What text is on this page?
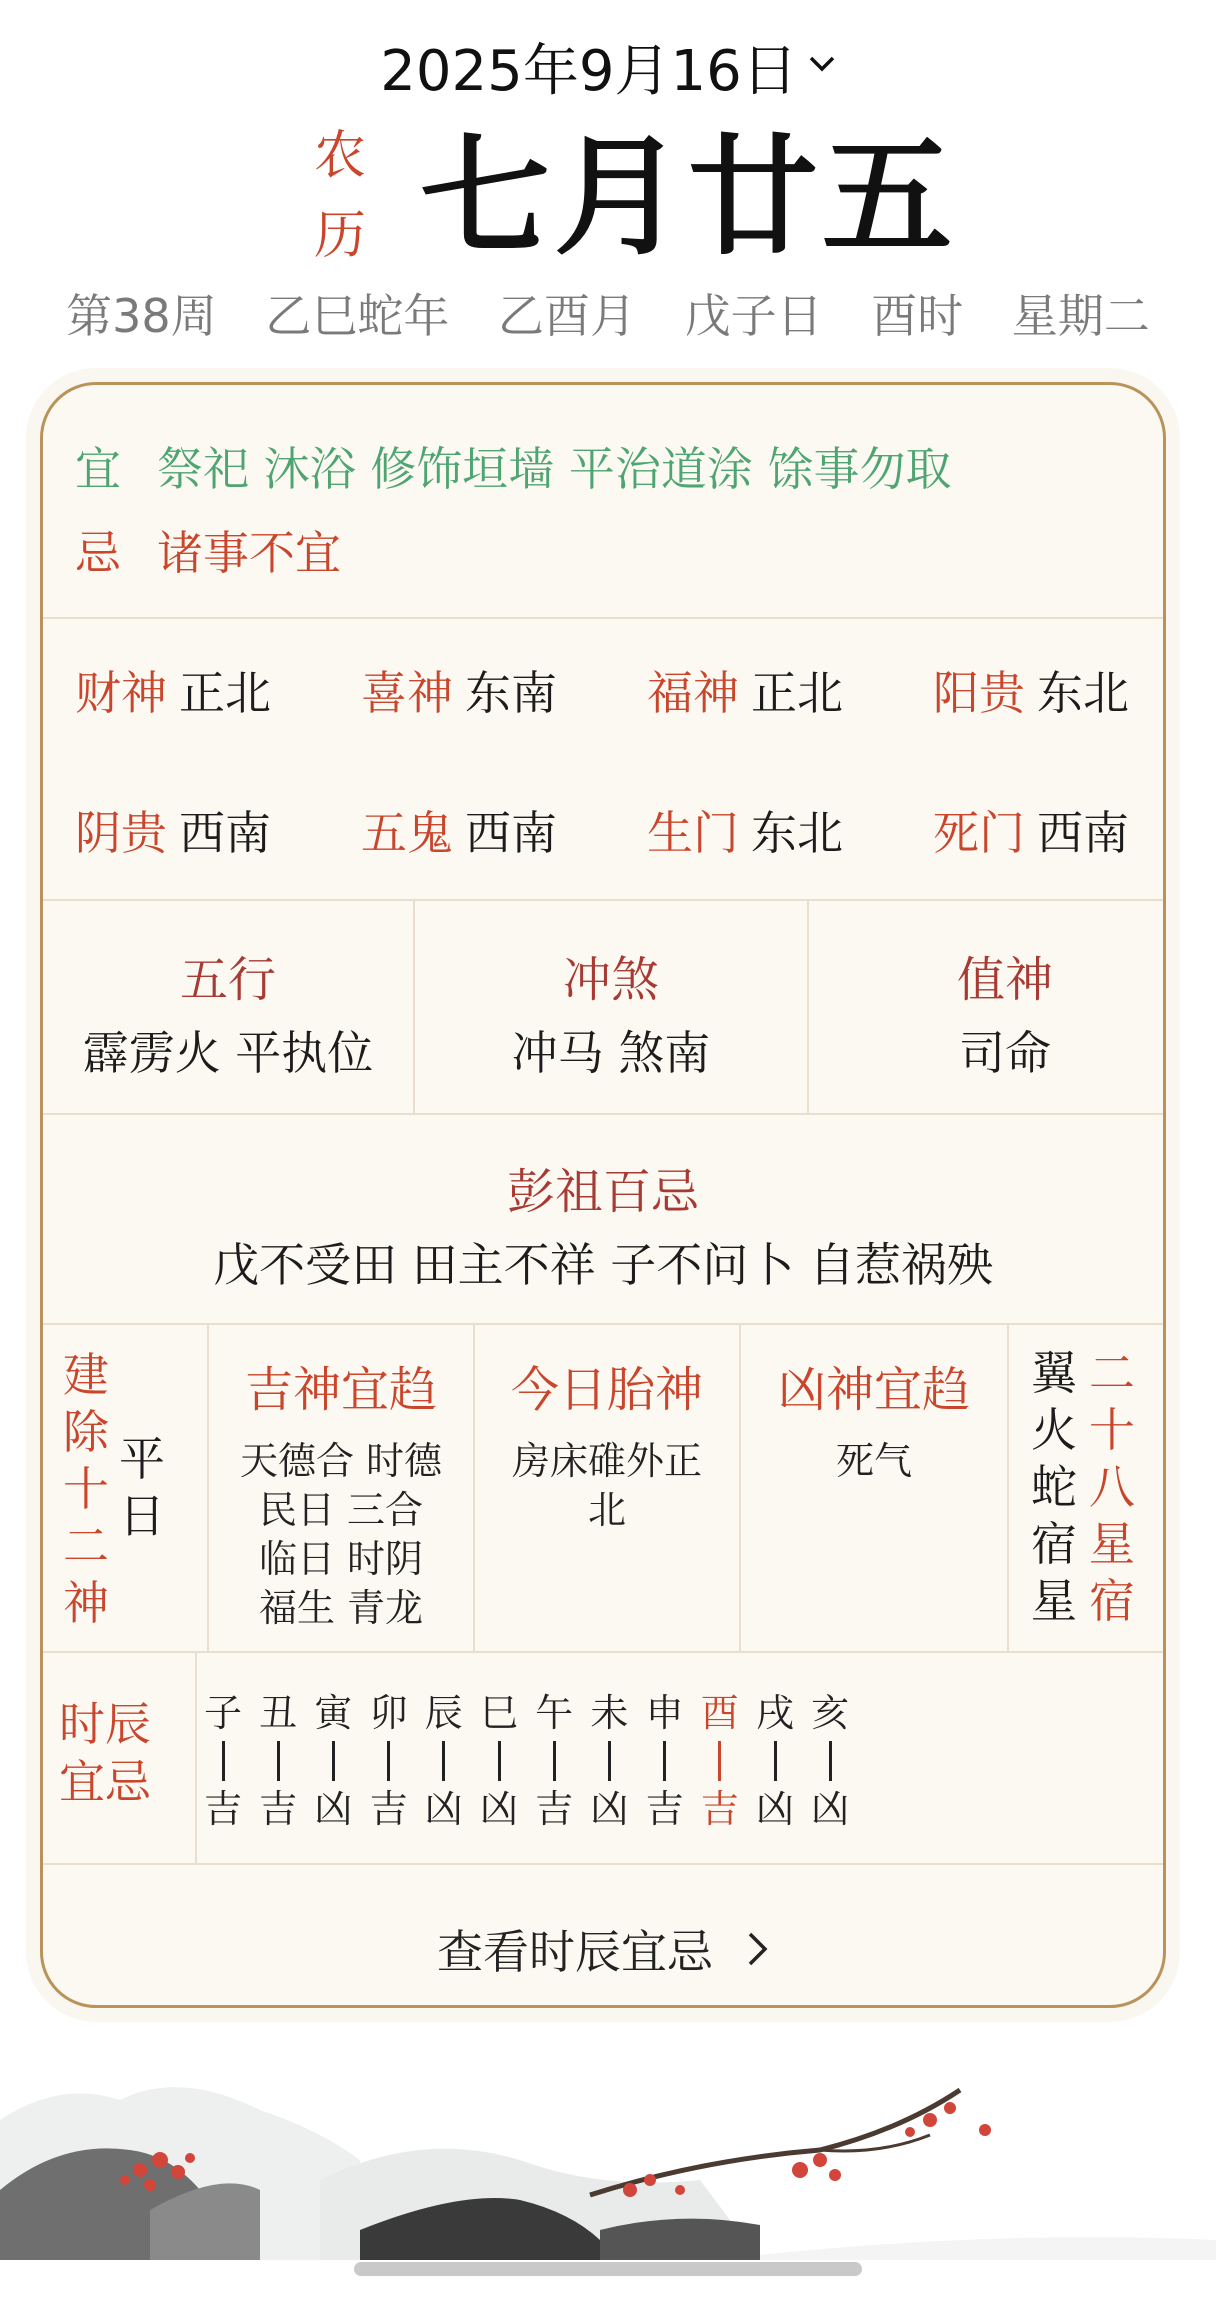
2025年9月16日
农
历 七月廿五
第38周 乙巳蛇年 乙酉月 戊子日 酉时 星期二
宜 祭祀 沐浴 修饰垣墙 平治道涂 馀事勿取
忌 诸事不宜
财神 正北 喜神 东南 福神 正北 阳贵 东北
阴贵 西南 五鬼 西南 生门 东北 死门 西南
五行
霹雳火 平执位
冲煞
冲马 煞南
值神
司命
彭祖百忌
戊不受田 田主不祥 子不问卜 自惹祸殃
建
除
十
二
神
平
日
吉神宜趋
天德合 时德
民日 三合
临日 时阴
福生 青龙
今日胎神
房床碓外正
北
凶神宜趋
死气
翼
火
蛇
宿
星
二
十
八
星
宿
时辰
宜忌
子
吉
丑
吉
寅
凶
卯
吉
辰
凶
巳
凶
午
吉
未
凶
申
吉
酉
吉
戌
凶
亥
凶
查看时辰宜忌
